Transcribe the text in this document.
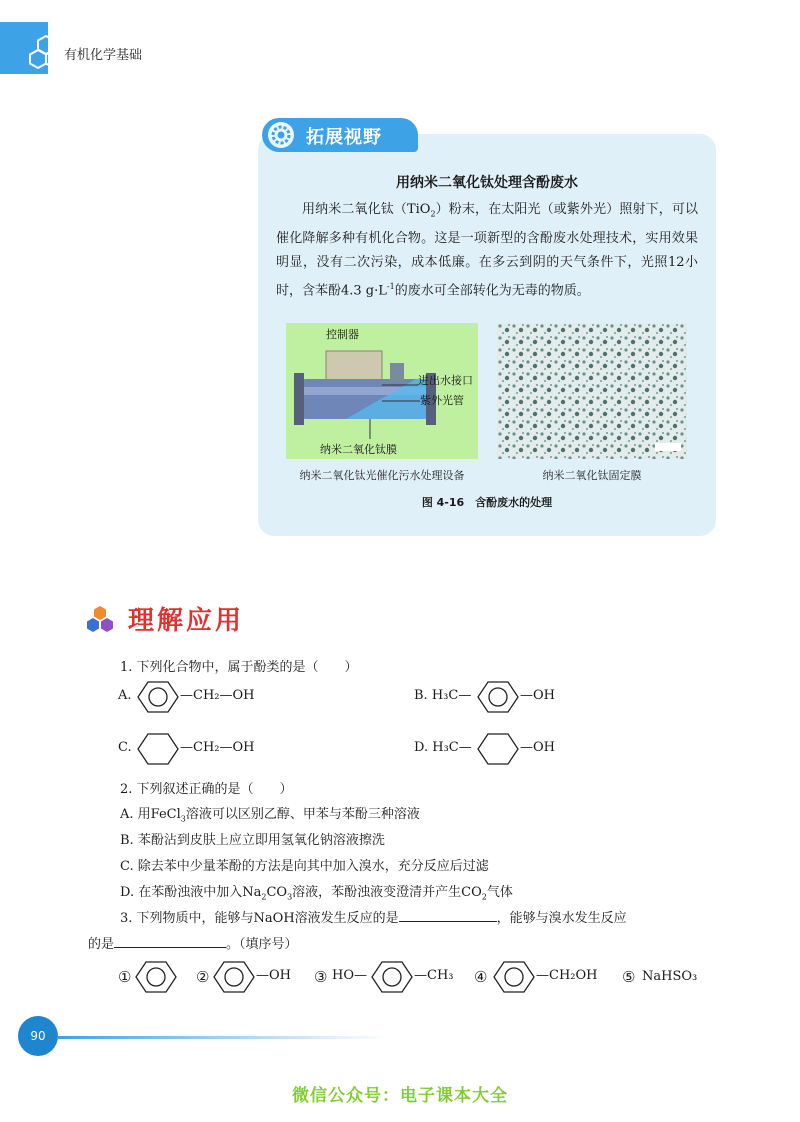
有机化学基础
拓展视野
用纳米二氧化钛处理含酚废水

用纳米二氧化钛（TiO$_2$）粉末，在太阳光（或紫外光）照射下，可以催化降解多种有机化合物。这是一项新型的含酚废水处理技术，实用效果明显，没有二次污染，成本低廉。在多云到阴的天气条件下，光照12小时，含苯酚4.3 $g\cdot L^{-1}$的废水可全部转化为无毒的物质。

控制器
进出水接口
紫外光管
纳米二氧化钛膜
纳米二氧化钛光催化污水处理设备	纳米二氧化钛固定膜
图 4-16　含酚废水的处理
理解应用
1. 下列化合物中，属于酚类的是（　　）
A.	—CH₂—OH	B. H₃C—	—OH
C.	—CH₂—OH	D. H₃C—	—OH
2. 下列叙述正确的是（　　）
A. 用FeCl$_3$溶液可以区别乙醇、甲苯与苯酚三种溶液
B. 苯酚沾到皮肤上应立即用氢氧化钠溶液擦洗
C. 除去苯中少量苯酚的方法是向其中加入溴水，充分反应后过滤
D. 在苯酚浊液中加入$Na_2CO_3$溶液，苯酚浊液变澄清并产生$CO_2$气体
3. 下列物质中，能够与NaOH溶液发生反应的是	，能够与溴水发生反应
的是	。（填序号）
①	②	—OH ③ HO—	—CH₃ ④	—CH₂OH ⑤ NaHSO₃
90
微信公众号：电子课本大全
